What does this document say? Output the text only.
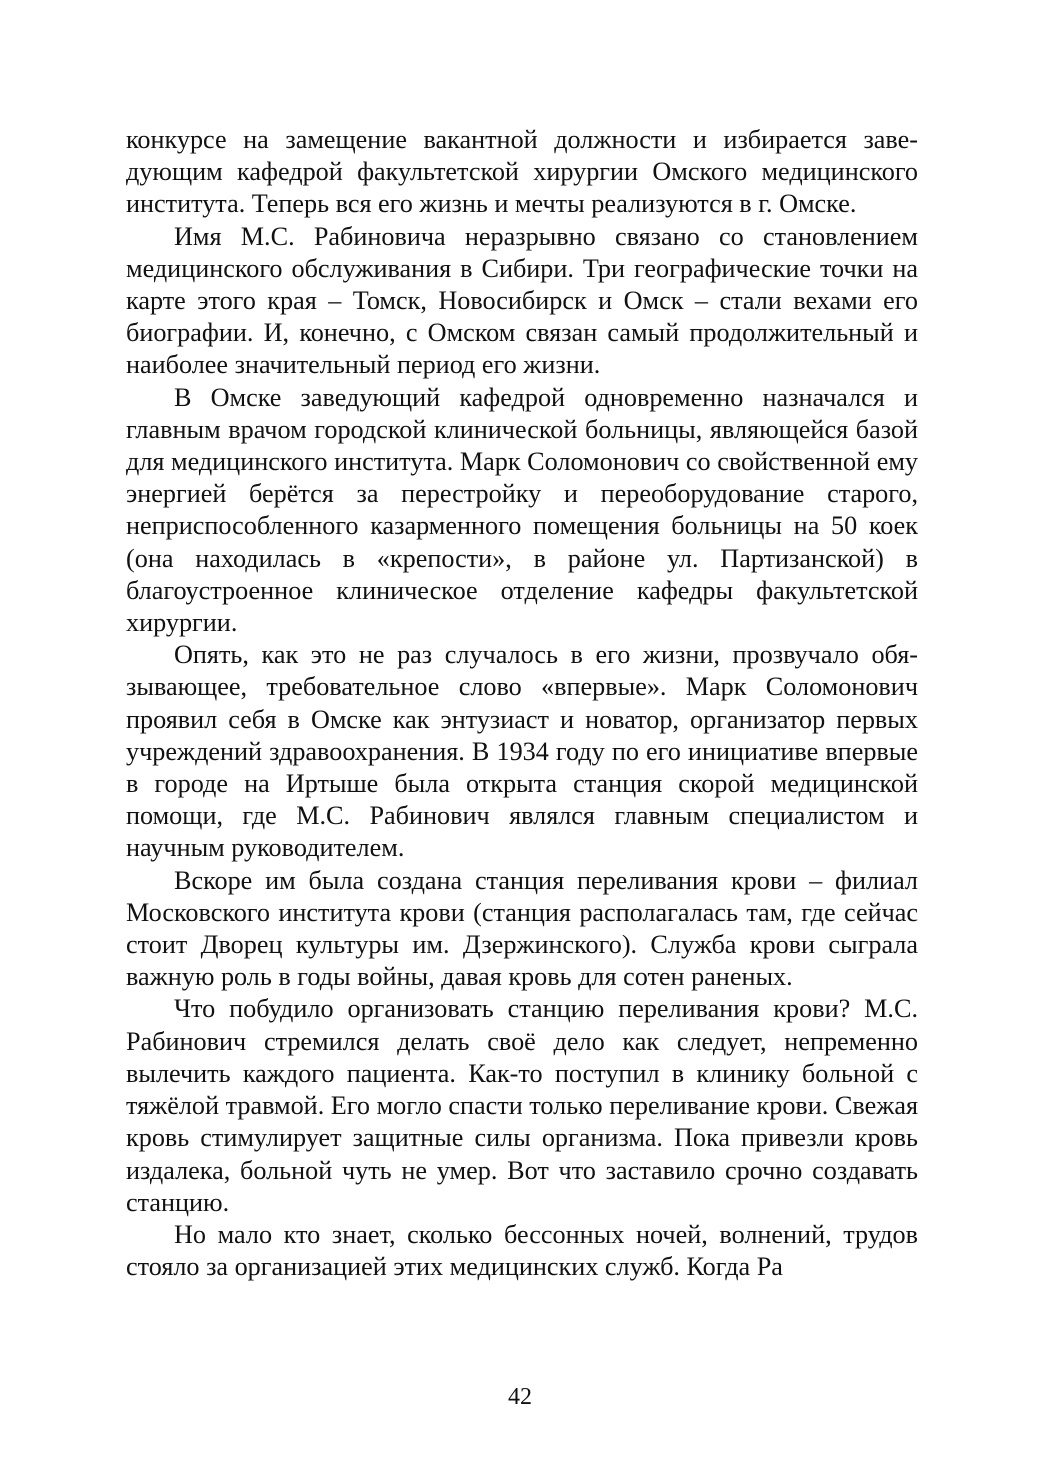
конкурсе на замещение вакантной должности и избирается заведующим кафедрой факультетской хирургии Омского медицинского института. Теперь вся его жизнь и мечты реализуются в г. Омске.

Имя М.С. Рабиновича неразрывно связано со становлением медицинского обслуживания в Сибири. Три географические точки на карте этого края – Томск, Новосибирск и Омск – стали вехами его биографии. И, конечно, с Омском связан самый продолжительный и наиболее значительный период его жизни.

В Омске заведующий кафедрой одновременно назначался и главным врачом городской клинической больницы, являющейся базой для медицинского института. Марк Соломонович со свойственной ему энергией берётся за перестройку и переоборудование старого, неприспособленного казарменного помещения больницы на 50 коек (она находилась в «крепости», в районе ул. Партизанской) в благоустроенное клиническое отделение кафедры факультетской хирургии.

Опять, как это не раз случалось в его жизни, прозвучало обязывающее, требовательное слово «впервые». Марк Соломонович проявил себя в Омске как энтузиаст и новатор, организатор первых учреждений здравоохранения. В 1934 году по его инициативе впервые в городе на Иртыше была открыта станция скорой медицинской помощи, где М.С. Рабинович являлся главным специалистом и научным руководителем.

Вскоре им была создана станция переливания крови – филиал Московского института крови (станция располагалась там, где сейчас стоит Дворец культуры им. Дзержинского). Служба крови сыграла важную роль в годы войны, давая кровь для сотен раненых.

Что побудило организовать станцию переливания крови? М.С. Рабинович стремился делать своё дело как следует, непременно вылечить каждого пациента. Как-то поступил в клинику больной с тяжёлой травмой. Его могло спасти только переливание крови. Свежая кровь стимулирует защитные силы организма. Пока привезли кровь издалека, больной чуть не умер. Вот что заставило срочно создавать станцию.

Но мало кто знает, сколько бессонных ночей, волнений, трудов стояло за организацией этих медицинских служб. Когда Ра

42
